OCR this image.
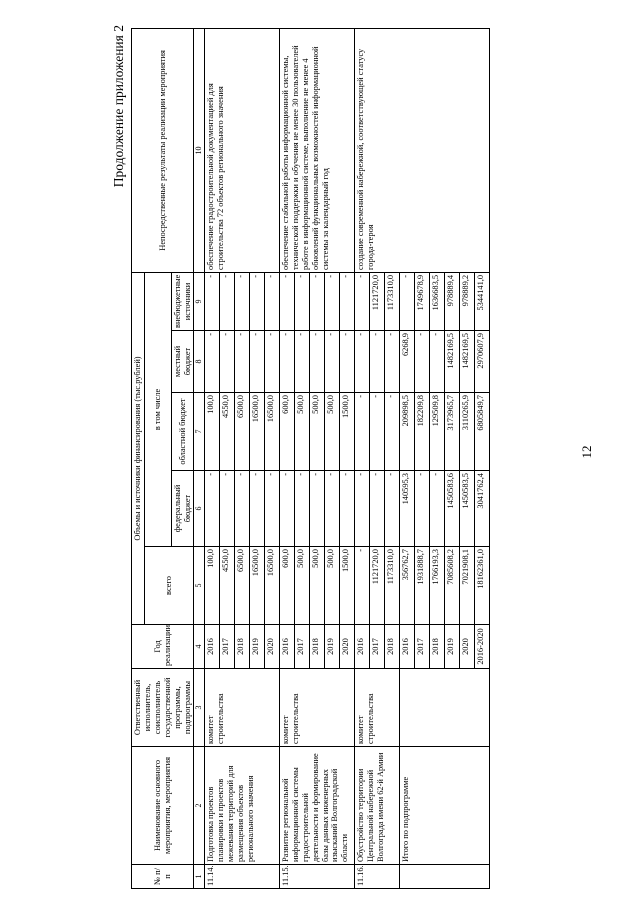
12
Продолжение приложения 2
№ п/п	Наименование основного мероприятия, мероприятия	Ответственный исполнитель, соисполнитель государственной программы, подпрограммы	Год реализации	Объемы и источники финансирования (тыс.рублей)					Непосредственные результаты реализации мероприятия
				всего	в том числе				
					федеральный бюджет	областной бюджет	местный бюджет	внебюджетные источники	
1	2	3	4	5	6	7	8	9	10
11.14.	Подготовка проектов планировки и проектов межевания территорий для размещения объектов регионального значения	комитет строительства	2016	100,0	-	100,0	-	-	обеспечение градостроительной документацией для строительства 72 объектов регионального значения
			2017	4550,0	-	4550,0	-	-	
			2018	6500,0	-	6500,0	-	-	
			2019	16500,0	-	16500,0	-	-	
			2020	16500,0	-	16500,0	-	-	
11.15.	Развитие региональной информационной системы градостроительной деятельности и формирование базы данных инженерных изысканий Волгоградской области	комитет строительства	2016	600,0	-	600,0	-	-	обеспечение стабильной работы информационной системы, технической поддержки и обучения не менее 30 пользователей работе в информационной системе, выполнение не менее 4 обновлений функциональных возможностей информационной системы за календарный год
			2017	500,0	-	500,0	-	-	
			2018	500,0	-	500,0	-	-	
			2019	500,0	-	500,0	-	-	
			2020	1500,0	-	1500,0	-	-	
11.16.	Обустройство территории Центральной набережной Волгограда имени 62-й Армии	комитет строительства	2016	-	-	-	-	-	создание современной набережной, соответствующей статусу города-героя
			2017	1121720,0	-	-	-	1121720,0	
			2018	1173310,0	-	-	-	1173310,0	
	Итого по подпрограмме		2016	356762,7	140595,3	209898,5	6268,9	-	
			2017	1931888,7	-	182209,8	-	1749678,9	
			2018	1766193,3	-	129509,8	-	1636683,5	
			2019	7085608,2	1450583,6	3173965,7	1482169,5	978889,4	
			2020	7021908,1	1450583,5	3110265,9	1482169,5	978889,2	
			2016-2020	18162361,0	3041762,4	6805849,7	2970607,9	5344141,0	
